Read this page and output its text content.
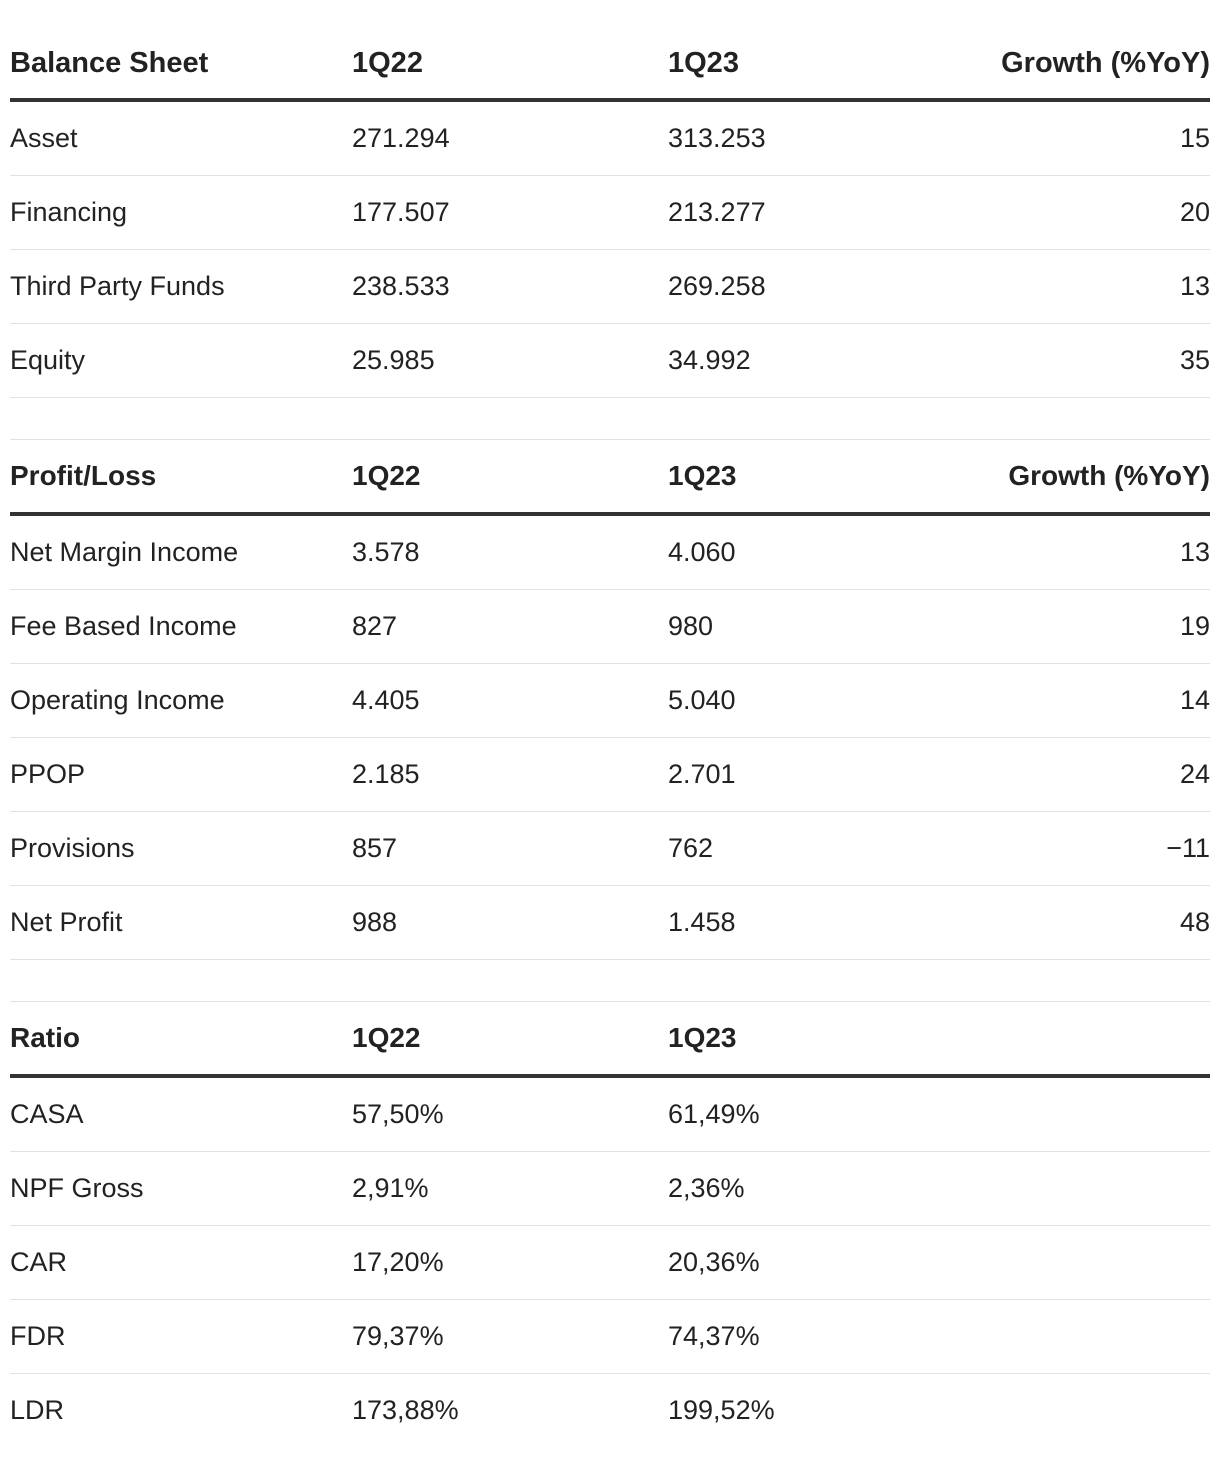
Balance Sheet	1Q22	1Q23	Growth (%YoY)
Asset	271.294	313.253	15
Financing	177.507	213.277	20
Third Party Funds	238.533	269.258	13
Equity	25.985	34.992	35
Profit/Loss	1Q22	1Q23	Growth (%YoY)
Net Margin Income	3.578	4.060	13
Fee Based Income	827	980	19
Operating Income	4.405	5.040	14
PPOP	2.185	2.701	24
Provisions	857	762	−11
Net Profit	988	1.458	48
Ratio	1Q22	1Q23	
CASA	57,50%	61,49%	
NPF Gross	2,91%	2,36%	
CAR	17,20%	20,36%	
FDR	79,37%	74,37%	
LDR	173,88%	199,52%	
